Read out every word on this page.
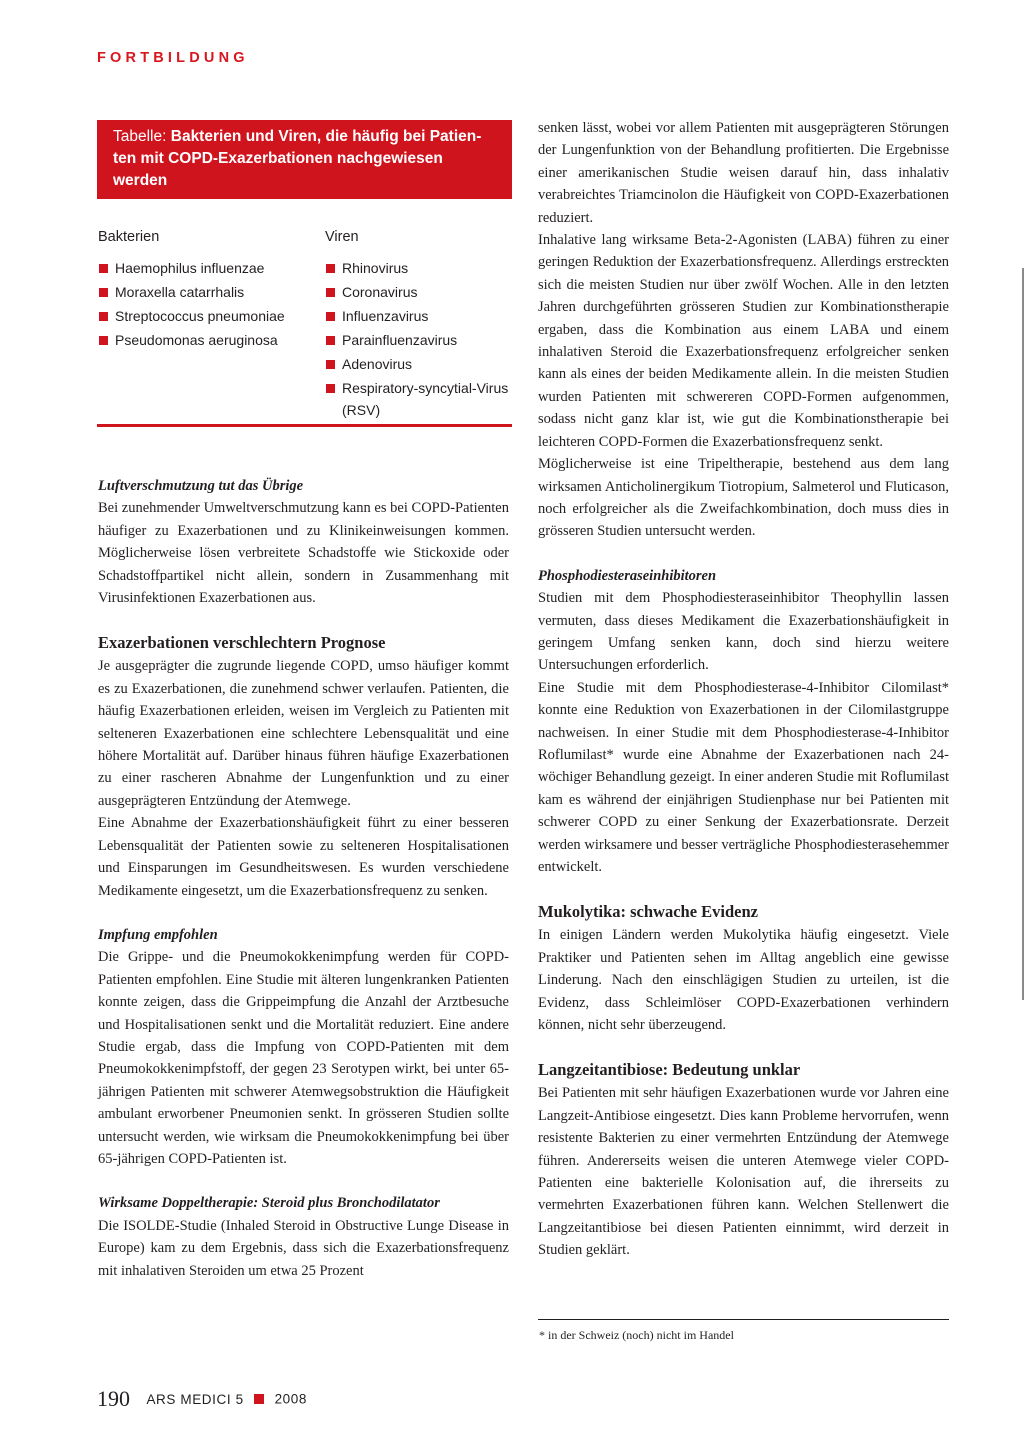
FORTBILDUNG
Tabelle: Bakterien und Viren, die häufig bei Patien-
ten mit COPD-Exazerbationen nachgewiesen werden
Bakterien
Haemophilus influenzae
Moraxella catarrhalis
Streptococcus pneumoniae
Pseudomonas aeruginosa
Viren
Rhinovirus
Coronavirus
Influenzavirus
Parainfluenzavirus
Adenovirus
Respiratory-syncytial-Virus (RSV)

Luftverschmutzung tut das Übrige

Bei zunehmender Umweltverschmutzung kann es bei COPD-Patienten häufiger zu Exazerbationen und zu Klinikeinweisungen kommen. Möglicherweise lösen verbreitete Schadstoffe wie Stickoxide oder Schadstoffpartikel nicht allein, sondern in Zusammenhang mit Virusinfektionen Exazerbationen aus.

Exazerbationen verschlechtern Prognose

Je ausgeprägter die zugrunde liegende COPD, umso häufiger kommt es zu Exazerbationen, die zunehmend schwer verlaufen. Patienten, die häufig Exazerbationen erleiden, weisen im Vergleich zu Patienten mit selteneren Exazerbationen eine schlechtere Lebensqualität und eine höhere Mortalität auf. Darüber hinaus führen häufige Exazerbationen zu einer rascheren Abnahme der Lungenfunktion und zu einer ausgeprägteren Entzündung der Atemwege.

Eine Abnahme der Exazerbationshäufigkeit führt zu einer besseren Lebensqualität der Patienten sowie zu selteneren Hospitalisationen und Einsparungen im Gesundheitswesen. Es wurden verschiedene Medikamente eingesetzt, um die Exazerbationsfrequenz zu senken.

Impfung empfohlen

Die Grippe- und die Pneumokokkenimpfung werden für COPD-Patienten empfohlen. Eine Studie mit älteren lungenkranken Patienten konnte zeigen, dass die Grippeimpfung die Anzahl der Arztbesuche und Hospitalisationen senkt und die Mortalität reduziert. Eine andere Studie ergab, dass die Impfung von COPD-Patienten mit dem Pneumokokkenimpfstoff, der gegen 23 Serotypen wirkt, bei unter 65-jährigen Patienten mit schwerer Atemwegsobstruktion die Häufigkeit ambulant erworbener Pneumonien senkt. In grösseren Studien sollte untersucht werden, wie wirksam die Pneumokokkenimpfung bei über 65-jährigen COPD-Patienten ist.

Wirksame Doppeltherapie: Steroid plus Bronchodilatator

Die ISOLDE-Studie (Inhaled Steroid in Obstructive Lunge Disease in Europe) kam zu dem Ergebnis, dass sich die Exazerbationsfrequenz mit inhalativen Steroiden um etwa 25 Prozent

senken lässt, wobei vor allem Patienten mit ausgeprägteren Störungen der Lungenfunktion von der Behandlung profitierten. Die Ergebnisse einer amerikanischen Studie weisen darauf hin, dass inhalativ verabreichtes Triamcinolon die Häufigkeit von COPD-Exazerbationen reduziert.

Inhalative lang wirksame Beta-2-Agonisten (LABA) führen zu einer geringen Reduktion der Exazerbationsfrequenz. Allerdings erstreckten sich die meisten Studien nur über zwölf Wochen. Alle in den letzten Jahren durchgeführten grösseren Studien zur Kombinationstherapie ergaben, dass die Kombination aus einem LABA und einem inhalativen Steroid die Exazerbationsfrequenz erfolgreicher senken kann als eines der beiden Medikamente allein. In die meisten Studien wurden Patienten mit schwereren COPD-Formen aufgenommen, sodass nicht ganz klar ist, wie gut die Kombinationstherapie bei leichteren COPD-Formen die Exazerbationsfrequenz senkt.

Möglicherweise ist eine Tripeltherapie, bestehend aus dem lang wirksamen Anticholinergikum Tiotropium, Salmeterol und Fluticason, noch erfolgreicher als die Zweifachkombination, doch muss dies in grösseren Studien untersucht werden.

Phosphodiesteraseinhibitoren

Studien mit dem Phosphodiesteraseinhibitor Theophyllin lassen vermuten, dass dieses Medikament die Exazerbationshäufigkeit in geringem Umfang senken kann, doch sind hierzu weitere Untersuchungen erforderlich.

Eine Studie mit dem Phosphodiesterase-4-Inhibitor Cilomilast* konnte eine Reduktion von Exazerbationen in der Cilomilastgruppe nachweisen. In einer Studie mit dem Phosphodiesterase-4-Inhibitor Roflumilast* wurde eine Abnahme der Exazerbationen nach 24-wöchiger Behandlung gezeigt. In einer anderen Studie mit Roflumilast kam es während der einjährigen Studienphase nur bei Patienten mit schwerer COPD zu einer Senkung der Exazerbationsrate. Derzeit werden wirksamere und besser verträgliche Phosphodiesterasehemmer entwickelt.

Mukolytika: schwache Evidenz

In einigen Ländern werden Mukolytika häufig eingesetzt. Viele Praktiker und Patienten sehen im Alltag angeblich eine gewisse Linderung. Nach den einschlägigen Studien zu urteilen, ist die Evidenz, dass Schleimlöser COPD-Exazerbationen verhindern können, nicht sehr überzeugend.

Langzeitantibiose: Bedeutung unklar

Bei Patienten mit sehr häufigen Exazerbationen wurde vor Jahren eine Langzeit-Antibiose eingesetzt. Dies kann Probleme hervorrufen, wenn resistente Bakterien zu einer vermehrten Entzündung der Atemwege führen. Andererseits weisen die unteren Atemwege vieler COPD-Patienten eine bakterielle Kolonisation auf, die ihrerseits zu vermehrten Exazerbationen führen kann. Welchen Stellenwert die Langzeitantibiose bei diesen Patienten einnimmt, wird derzeit in Studien geklärt.

* in der Schweiz (noch) nicht im Handel
190 ARS MEDICI 5 2008
